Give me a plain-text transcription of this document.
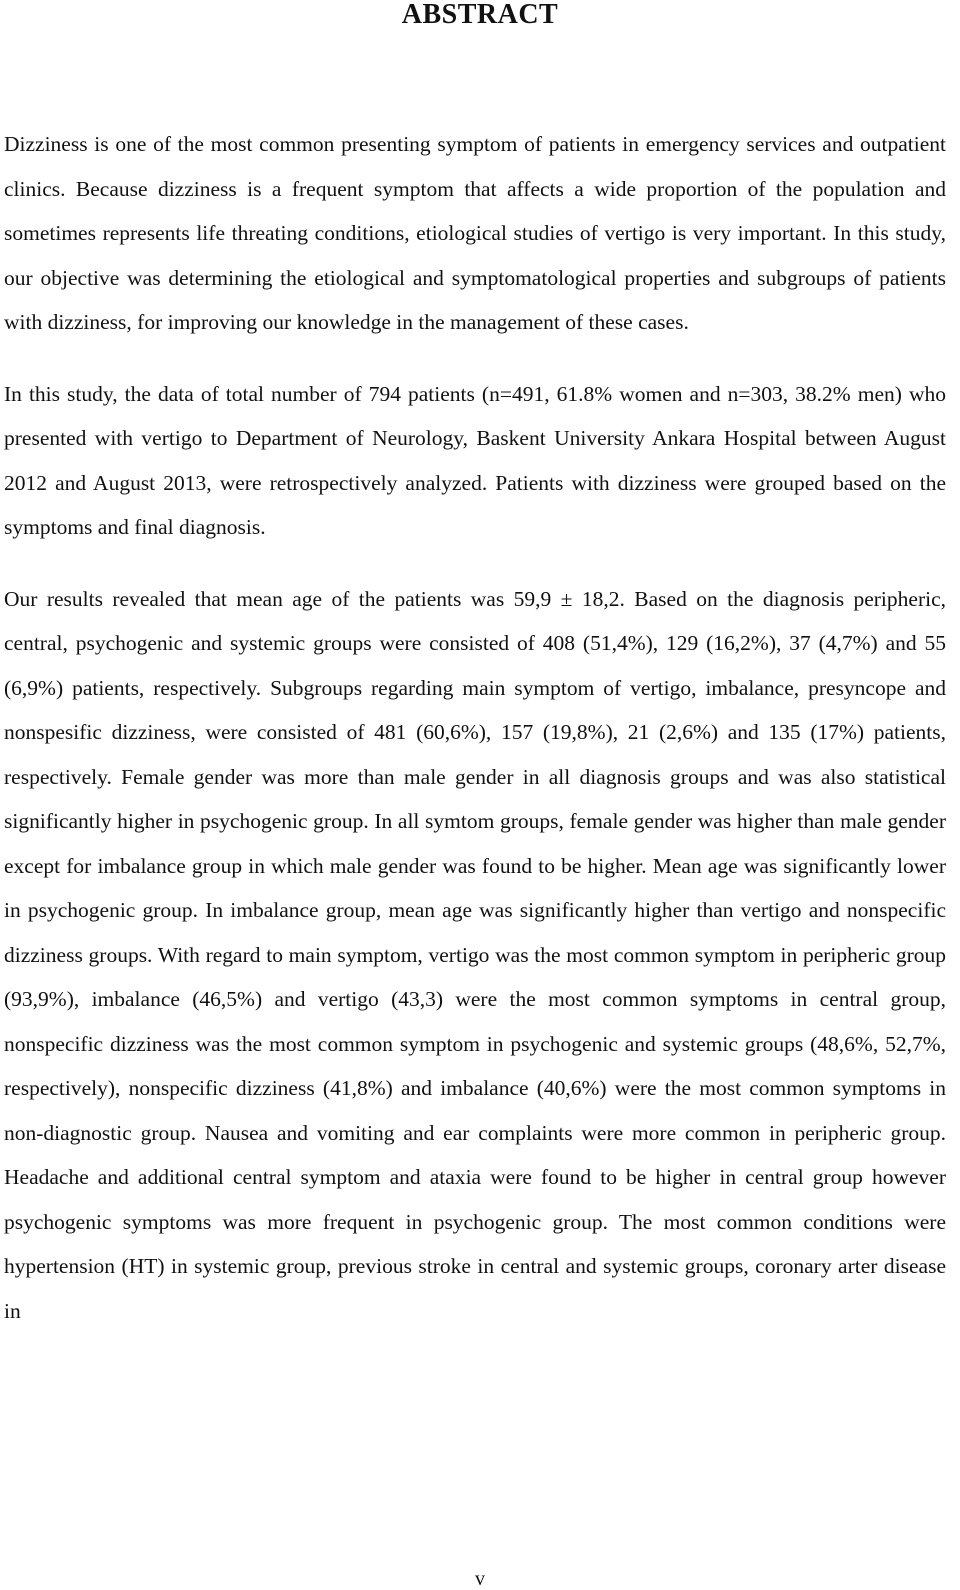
ABSTRACT

Dizziness is one of the most common presenting symptom of patients in emergency services and outpatient clinics. Because dizziness is a frequent symptom that affects a wide proportion of the population and sometimes represents life threating conditions, etiological studies of vertigo is very important. In this study, our objective was determining the etiological and symptomatological properties and subgroups of patients with dizziness, for improving our knowledge in the management of these cases.

In this study, the data of total number of 794 patients (n=491, 61.8% women and n=303, 38.2% men) who presented with vertigo to Department of Neurology, Baskent University Ankara Hospital between August 2012 and August 2013, were retrospectively analyzed. Patients with dizziness were grouped based on the symptoms and final diagnosis.

Our results revealed that mean age of the patients was 59,9 ± 18,2. Based on the diagnosis peripheric, central, psychogenic and systemic groups were consisted of 408 (51,4%), 129 (16,2%), 37 (4,7%) and 55 (6,9%) patients, respectively. Subgroups regarding main symptom of vertigo, imbalance, presyncope and nonspesific dizziness, were consisted of 481 (60,6%), 157 (19,8%), 21 (2,6%) and 135 (17%) patients, respectively. Female gender was more than male gender in all diagnosis groups and was also statistical significantly higher in psychogenic group. In all symtom groups, female gender was higher than male gender except for imbalance group in which male gender was found to be higher. Mean age was significantly lower in psychogenic group. In imbalance group, mean age was significantly higher than vertigo and nonspecific dizziness groups. With regard to main symptom, vertigo was the most common symptom in peripheric group (93,9%), imbalance (46,5%) and vertigo (43,3) were the most common symptoms in central group, nonspecific dizziness was the most common symptom in psychogenic and systemic groups (48,6%, 52,7%, respectively), nonspecific dizziness (41,8%) and imbalance (40,6%) were the most common symptoms in non-diagnostic group. Nausea and vomiting and ear complaints were more common in peripheric group. Headache and additional central symptom and ataxia were found to be higher in central group however psychogenic symptoms was more frequent in psychogenic group. The most common conditions were hypertension (HT) in systemic group, previous stroke in central and systemic groups, coronary arter disease in

v
